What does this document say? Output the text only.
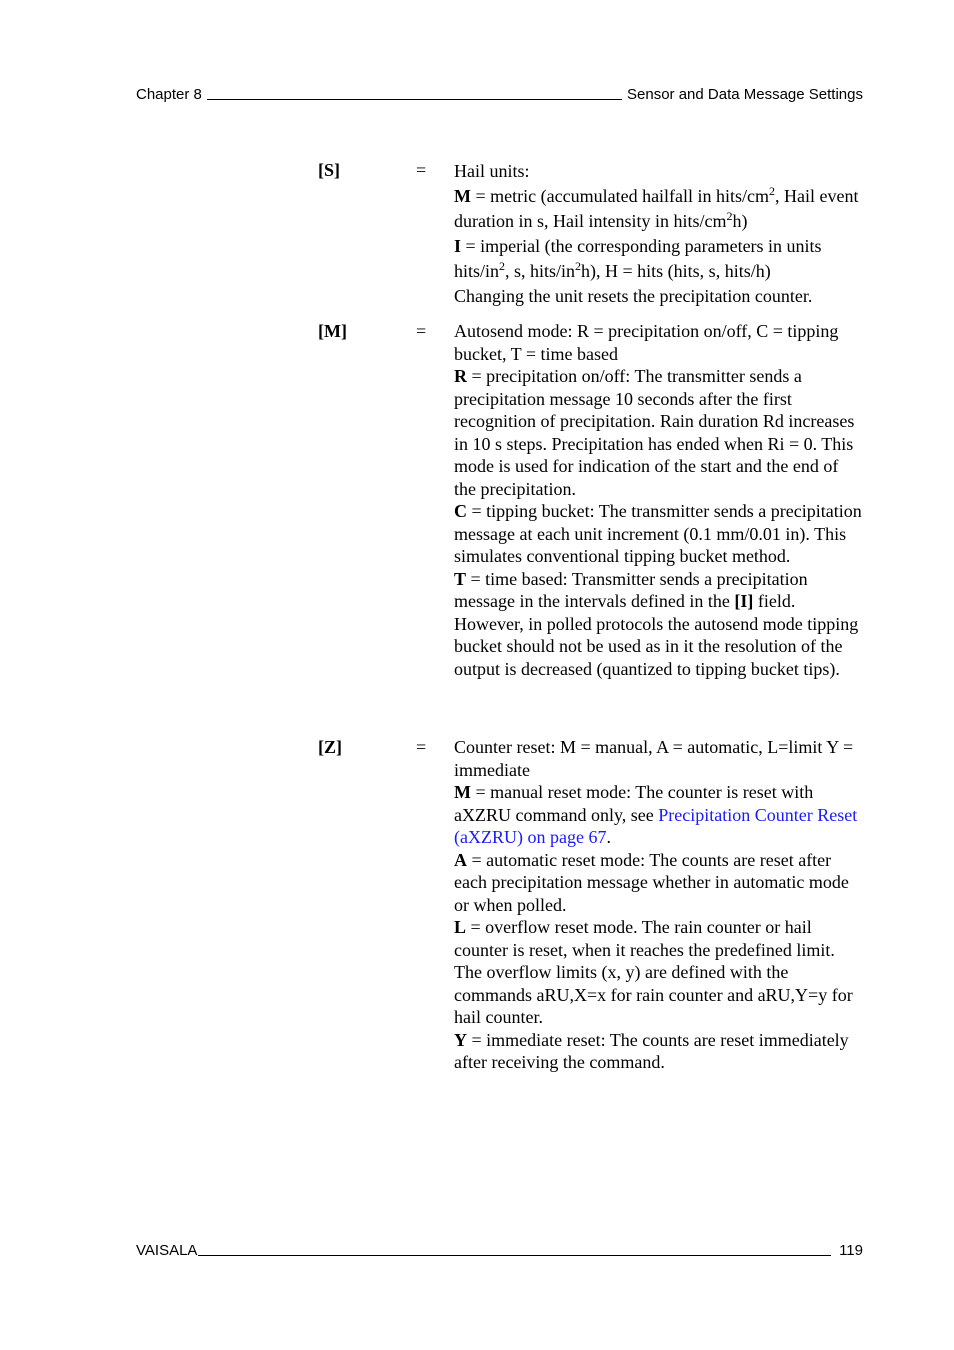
Chapter 8	Sensor and Data Message Settings
[S]	= Hail units:

M = metric (accumulated hailfall in hits/$cm^2$, Hail event duration in s, Hail intensity in hits/$cm^2h$)

I = imperial (the corresponding parameters in units hits/$in^2$, s, hits/$in^2h$), H = hits (hits, s, hits/h)

Changing the unit resets the precipitation counter.

[M]	= Autosend mode: R = precipitation on/off, C = tipping bucket, T = time based

R = precipitation on/off: The transmitter sends a precipitation message 10 seconds after the first recognition of precipitation. Rain duration Rd increases in 10 s steps. Precipitation has ended when Ri = 0. This mode is used for indication of the start and the end of the precipitation.

C = tipping bucket: The transmitter sends a precipitation message at each unit increment (0.1 mm/0.01 in). This simulates conventional tipping bucket method.

T = time based: Transmitter sends a precipitation message in the intervals defined in the [I] field. However, in polled protocols the autosend mode tipping bucket should not be used as in it the resolution of the output is decreased (quantized to tipping bucket tips).

[Z]	= Counter reset: M = manual, A = automatic, L=limit Y = immediate

M = manual reset mode: The counter is reset with aXZRU command only, see Precipitation Counter Reset (aXZRU) on page 67.

A = automatic reset mode: The counts are reset after each precipitation message whether in automatic mode or when polled.

L = overflow reset mode. The rain counter or hail counter is reset, when it reaches the predefined limit. The overflow limits (x, y) are defined with the commands aRU,X=x for rain counter and aRU,Y=y for hail counter.

Y = immediate reset: The counts are reset immediately after receiving the command.

VAISALA	119
